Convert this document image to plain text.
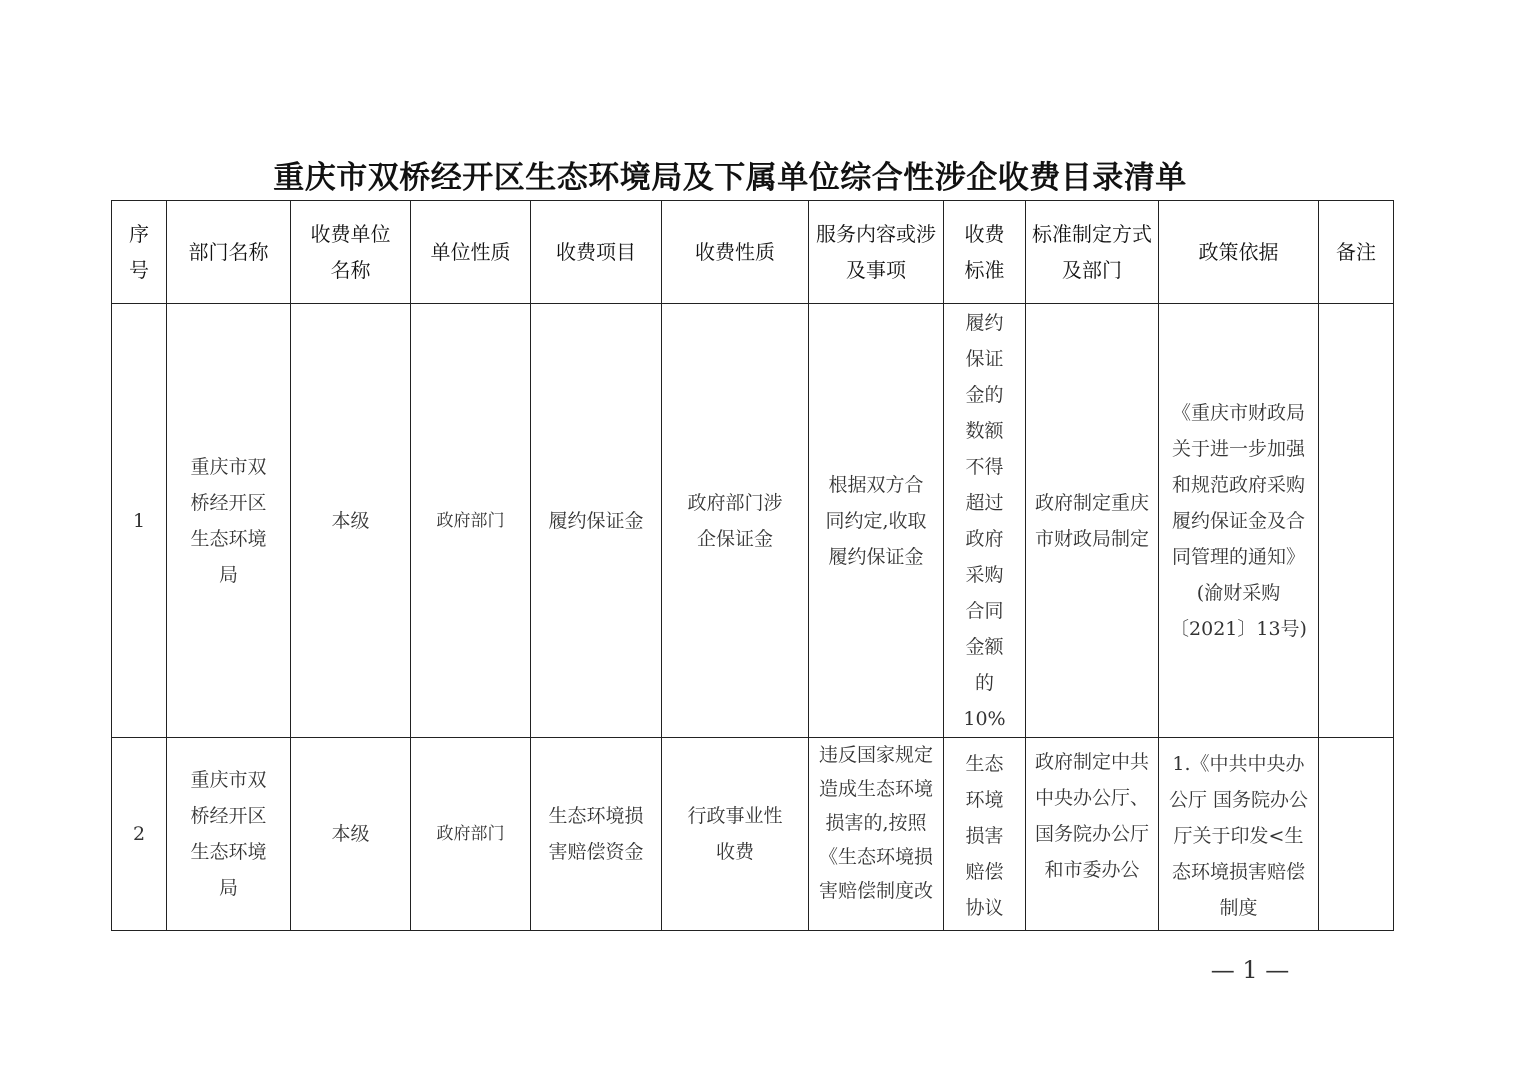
重庆市双桥经开区生态环境局及下属单位综合性涉企收费目录清单
序号	部门名称	收费单位名称	单位性质	收费项目	收费性质	服务内容或涉及事项	收费标准	标准制定方式及部门	政策依据	备注

1	重庆市双桥经开区生态环境局	本级	政府部门	履约保证金	政府部门涉企保证金	根据双方合同约定,收取履约保证金	履约保证金的数额不得超过政府采购合同金额的10%	政府制定重庆市财政局制定	《重庆市财政局关于进一步加强和规范政府采购履约保证金及合同管理的通知》(渝财采购〔2021〕13号)	

2	重庆市双桥经开区生态环境局	本级	政府部门	生态环境损害赔偿资金	行政事业性收费	违反国家规定造成生态环境损害的,按照《生态环境损害赔偿制度改	生态环境损害赔偿协议	政府制定中共中央办公厅、国务院办公厅和市委办公	1.《中共中央办公厅 国务院办公厅关于印发<生态环境损害赔偿制度	

— 1 —
